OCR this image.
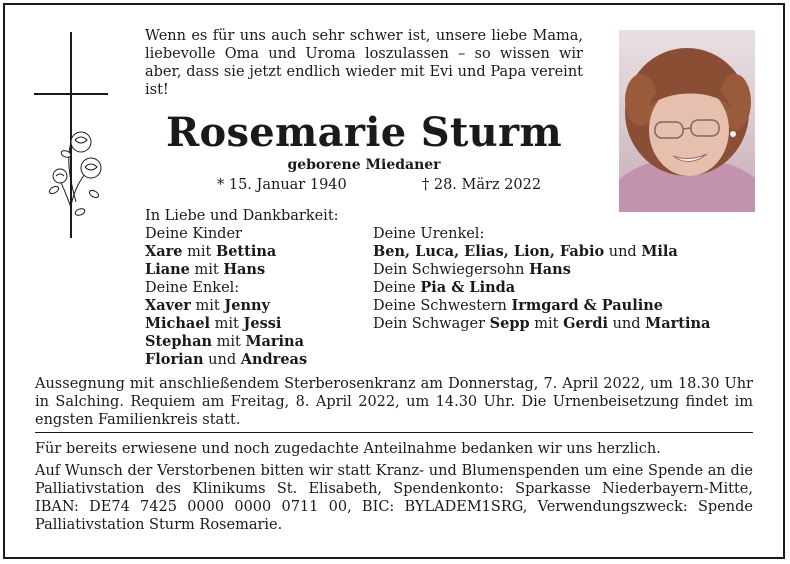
Wenn es für uns auch sehr schwer ist, unsere liebe Mama, liebevolle Oma und Uroma loszulassen – so wissen wir aber, dass sie jetzt endlich wieder mit Evi und Papa vereint ist!
Rosemarie Sturm
geborene Miedaner
* 15. Januar 1940	† 28. März 2022
In Liebe und Dankbarkeit:
Deine Kinder
Xare mit Bettina
Liane mit Hans
Deine Enkel:
Xaver mit Jenny
Michael mit Jessi
Stephan mit Marina
Florian und Andreas
Deine Urenkel:
Ben, Luca, Elias, Lion, Fabio und Mila
Dein Schwiegersohn Hans
Deine Pia & Linda
Deine Schwestern Irmgard & Pauline
Dein Schwager Sepp mit Gerdi und Martina
Aussegnung mit anschließendem Sterberosenkranz am Donnerstag, 7. April 2022, um 18.30 Uhr in Salching. Requiem am Freitag, 8. April 2022, um 14.30 Uhr. Die Urnenbeisetzung findet im engsten Familienkreis statt.
Für bereits erwiesene und noch zugedachte Anteilnahme bedanken wir uns herzlich.
Auf Wunsch der Verstorbenen bitten wir statt Kranz- und Blumenspenden um eine Spende an die Palliativstation des Klinikums St. Elisabeth, Spendenkonto: Sparkasse Niederbayern-Mitte, IBAN: DE74 7425 0000 0000 0711 00, BIC: BYLADEM1SRG, Verwendungszweck: Spende Palliativstation Sturm Rosemarie.
